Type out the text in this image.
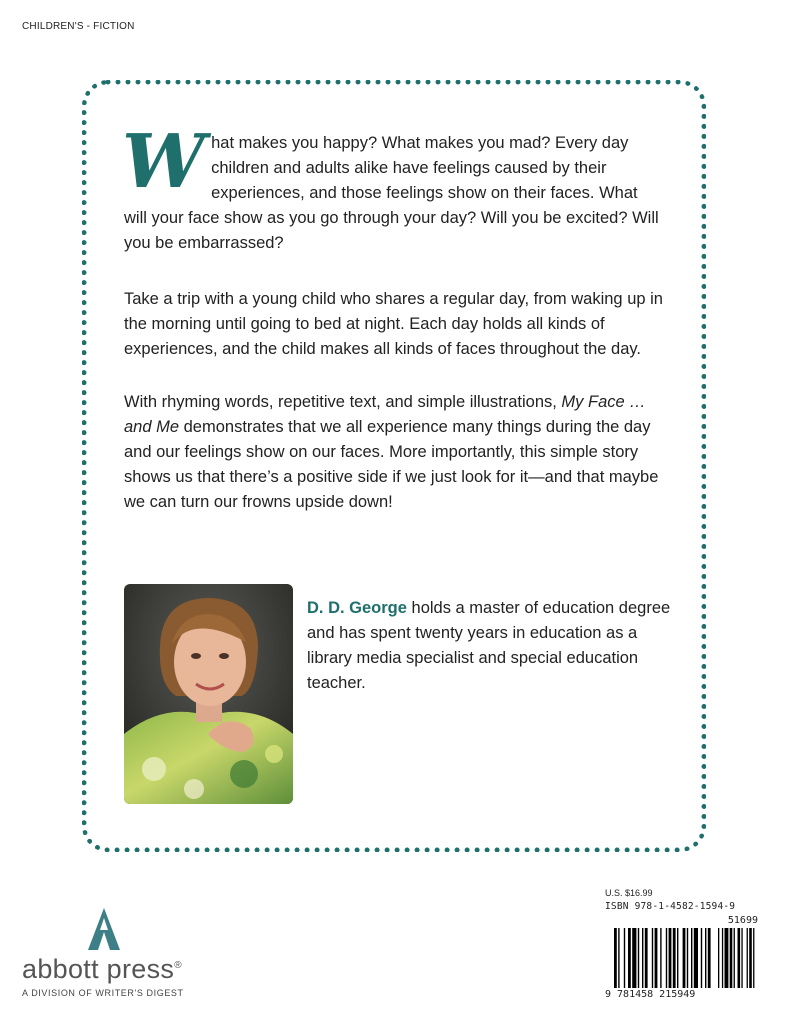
CHILDREN'S - FICTION
What makes you happy? What makes you mad? Every day children and adults alike have feelings caused by their experiences, and those feelings show on their faces. What will your face show as you go through your day? Will you be excited? Will you be embarrassed?
Take a trip with a young child who shares a regular day, from waking up in the morning until going to bed at night. Each day holds all kinds of experiences, and the child makes all kinds of faces throughout the day.
With rhyming words, repetitive text, and simple illustrations, My Face … and Me demonstrates that we all experience many things during the day and our feelings show on our faces. More importantly, this simple story shows us that there’s a positive side if we just look for it—and that maybe we can turn our frowns upside down!
D. D. George holds a master of education degree and has spent twenty years in education as a library media specialist and special education teacher.
abbott press®
A DIVISION OF WRITER'S DIGEST
U.S. $16.99
ISBN 978-1-4582-1594-9
51699
9 781458 215949
